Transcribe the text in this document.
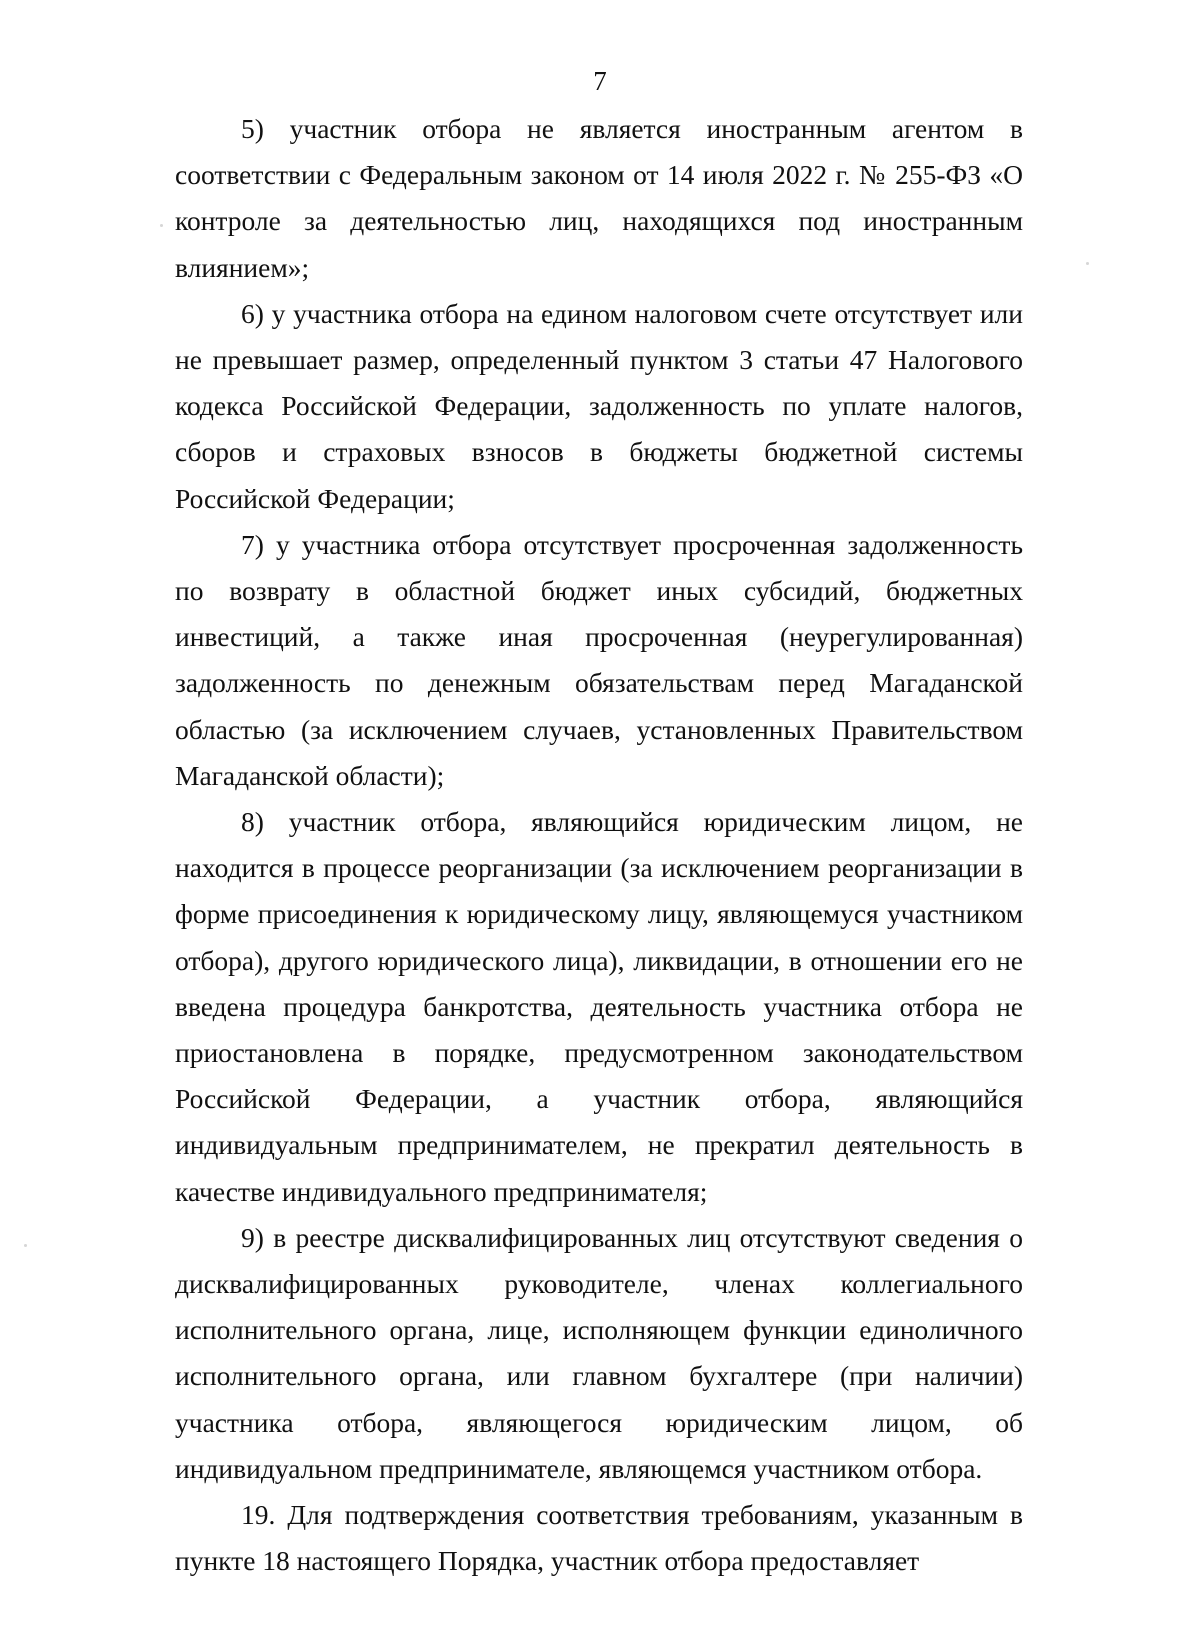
7

5) участник отбора не является иностранным агентом в соответствии с Федеральным законом от 14 июля 2022 г. № 255-ФЗ «О контроле за деятельностью лиц, находящихся под иностранным влиянием»;

6) у участника отбора на едином налоговом счете отсутствует или не превышает размер, определенный пунктом 3 статьи 47 Налогового кодекса Российской Федерации, задолженность по уплате налогов, сборов и страховых взносов в бюджеты бюджетной системы Российской Федерации;

7) у участника отбора отсутствует просроченная задолженность по возврату в областной бюджет иных субсидий, бюджетных инвестиций, а также иная просроченная (неурегулированная) задолженность по денежным обязательствам перед Магаданской областью (за исключением случаев, установленных Правительством Магаданской области);

8) участник отбора, являющийся юридическим лицом, не находится в процессе реорганизации (за исключением реорганизации в форме присоединения к юридическому лицу, являющемуся участником отбора), другого юридического лица), ликвидации, в отношении его не введена процедура банкротства, деятельность участника отбора не приостановлена в порядке, предусмотренном законодательством Российской Федерации, а участник отбора, являющийся индивидуальным предпринимателем, не прекратил деятельность в качестве индивидуального предпринимателя;

9) в реестре дисквалифицированных лиц отсутствуют сведения о дисквалифицированных руководителе, членах коллегиального исполнительного органа, лице, исполняющем функции единоличного исполнительного органа, или главном бухгалтере (при наличии) участника отбора, являющегося юридическим лицом, об индивидуальном предпринимателе, являющемся участником отбора.

19. Для подтверждения соответствия требованиям, указанным в пункте 18 настоящего Порядка, участник отбора предоставляет
